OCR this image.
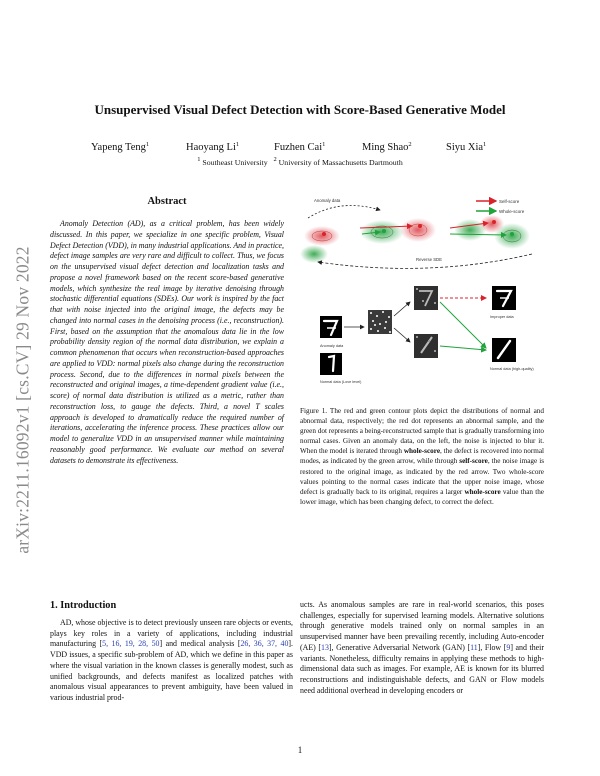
arXiv:2211.16092v1 [cs.CV] 29 Nov 2022
Unsupervised Visual Defect Detection with Score-Based Generative Model
Yapeng Teng$^1$	Haoyang Li$^1$	Fuzhen Cai$^1$	Ming Shao$^2$	Siyu Xia$^1$
$^1$ Southeast University $^2$ University of Massachusetts Dartmouth
Abstract

Anomaly Detection (AD), as a critical problem, has been widely discussed. In this paper, we specialize in one specific problem, Visual Defect Detection (VDD), in many industrial applications. And in practice, defect image samples are very rare and difficult to collect. Thus, we focus on the unsupervised visual defect detection and localization tasks and propose a novel framework based on the recent score-based generative models, which synthesize the real image by iterative denoising through stochastic differential equations (SDEs). Our work is inspired by the fact that with noise injected into the original image, the defects may be changed into normal cases in the denoising process (i.e., reconstruction). First, based on the assumption that the anomalous data lie in the low probability density region of the normal data distribution, we explain a common phenomenon that occurs when reconstruction-based approaches are applied to VDD: normal pixels also change during the reconstruction process. Second, due to the differences in normal pixels between the reconstructed and original images, a time-dependent gradient value (i.e., score) of normal data distribution is utilized as a metric, rather than reconstruction loss, to gauge the defects. Third, a novel T scales approach is developed to dramatically reduce the required number of iterations, accelerating the inference process. These practices allow our model to generalize VDD in an unsupervised manner while maintaining reasonably good performance. We evaluate our method on several datasets to demonstrate its effectiveness.

Self-score
Whole-score
Anomaly data
Reverse SDE
Anomaly data
Normal data (Love level)
Improper data
Normal data (high-quality)

Figure 1. The red and green contour plots depict the distributions of normal and abnormal data, respectively; the red dot represents an abnormal sample, and the green dot represents a being-reconstructed sample that is gradually transforming into normal cases. Given an anomaly data, on the left, the noise is injected to blur it. When the model is iterated through whole-score, the defect is recovered into normal modes, as indicated by the green arrow, while through self-score, the noise image is restored to the original image, as indicated by the red arrow. Two whole-score values pointing to the normal cases indicate that the upper noise image, whose defect is gradually back to its original, requires a larger whole-score value than the lower image, which has been changing defect, to correct the defect.

1. Introduction

AD, whose objective is to detect previously unseen rare objects or events, plays key roles in a variety of applications, including industrial manufacturing [5, 16, 19, 28, 50] and medical analysis [26, 36, 37, 40]. VDD issues, a specific sub-problem of AD, which we define in this paper as where the visual variation in the known classes is generally modest, such as unified backgrounds, and defects manifest as localized patches with anomalous visual appearances to prevent ambiguity, have been valued in various industrial prod-

ucts. As anomalous samples are rare in real-world scenarios, this poses challenges, especially for supervised learning models. Alternative solutions through generative models trained only on normal samples in an unsupervised manner have been prevailing recently, including Auto-encoder (AE) [13], Generative Adversarial Network (GAN) [11], Flow [9] and their variants. Nonetheless, difficulty remains in applying these methods to high-dimensional data such as images. For example, AE is known for its blurred reconstructions and indistinguishable defects, and GAN or Flow models need additional overhead in developing encoders or

1
